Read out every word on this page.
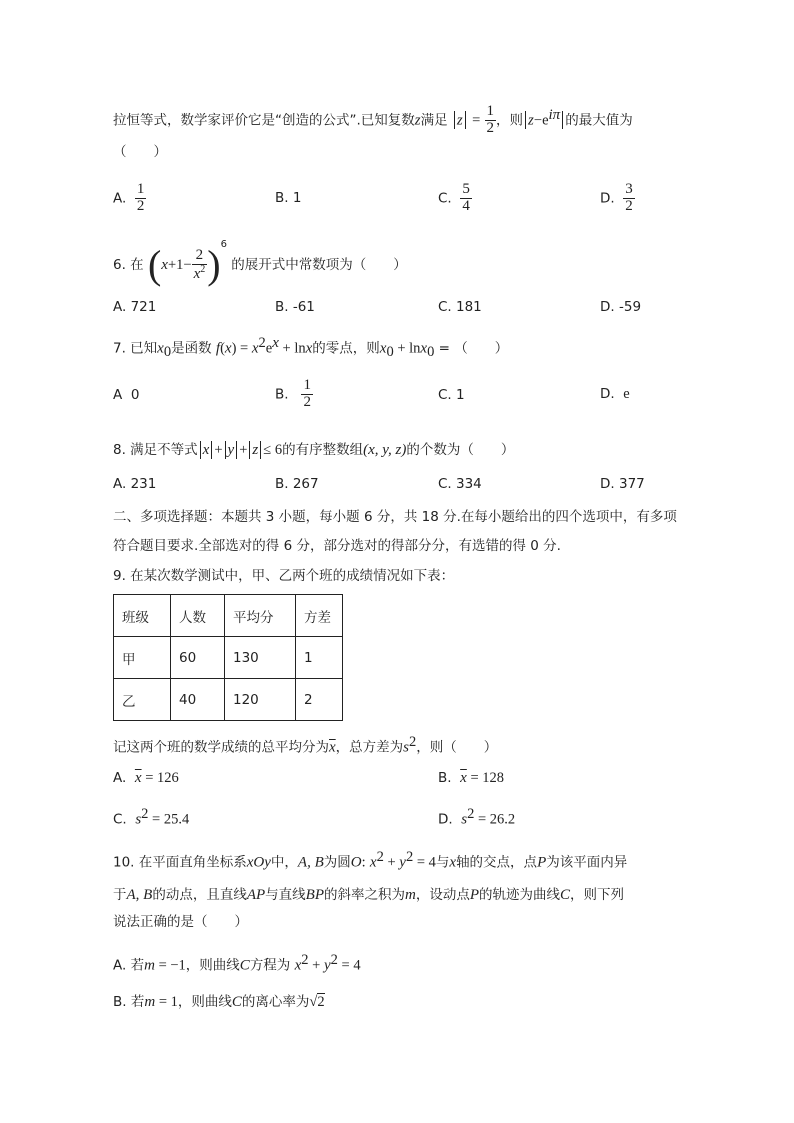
拉恒等式，数学家评价它是“创造的公式”.已知复数z满足 $z = \frac{1}{2}$ ，则 $z-e^{i\pi}$ 的最大值为
（　　）
A. $\frac{1}{2}$	B. 1	C. $\frac{5}{4}$	D. $\frac{3}{2}$
6. 在 $(x+1- \frac{2}{x^2} )^6$ 的展开式中常数项为（　　）
A. 721	B. -61	C. 181	D. -59
7. 已知$x_0$是函数 $f(x) = x^2e^x + \ln x$的零点，则$x_0 + \ln x_0$ = （　　）
A 0	B. $\frac{1}{2}$	C. 1	D. e
8. 满足不等式 x + y + z ≤ 6的有序整数组(x, y, z)的个数为（　　）
A. 231	B. 267	C. 334	D. 377
二、多项选择题：本题共 3 小题，每小题 6 分，共 18 分.在每小题给出的四个选项中，有多项
符合题目要求.全部选对的得 6 分，部分选对的得部分分，有选错的得 0 分.
9. 在某次数学测试中，甲、乙两个班的成绩情况如下表：
班级	人数	平均分	方差
甲	60	130	1
乙	40	120	2
记这两个班的数学成绩的总平均分为$\overline{x}$，总方差为$s^2$，则（　　）
A. $\overline{x} = 126$	B. $\overline{x} = 128$
C. $s^2 = 25.4$	D. $s^2 = 26.2$
10. 在平面直角坐标系xOy中，A, B为圆O: $x^2 + y^2 = 4$与x轴的交点，点P为该平面内异
于A, B的动点，且直线AP与直线BP的斜率之积为m，设动点P的轨迹为曲线C，则下列
说法正确的是（　　）
A. 若m = −1，则曲线C方程为 $x^2 + y^2 = 4$
B. 若m = 1，则曲线C的离心率为√2
